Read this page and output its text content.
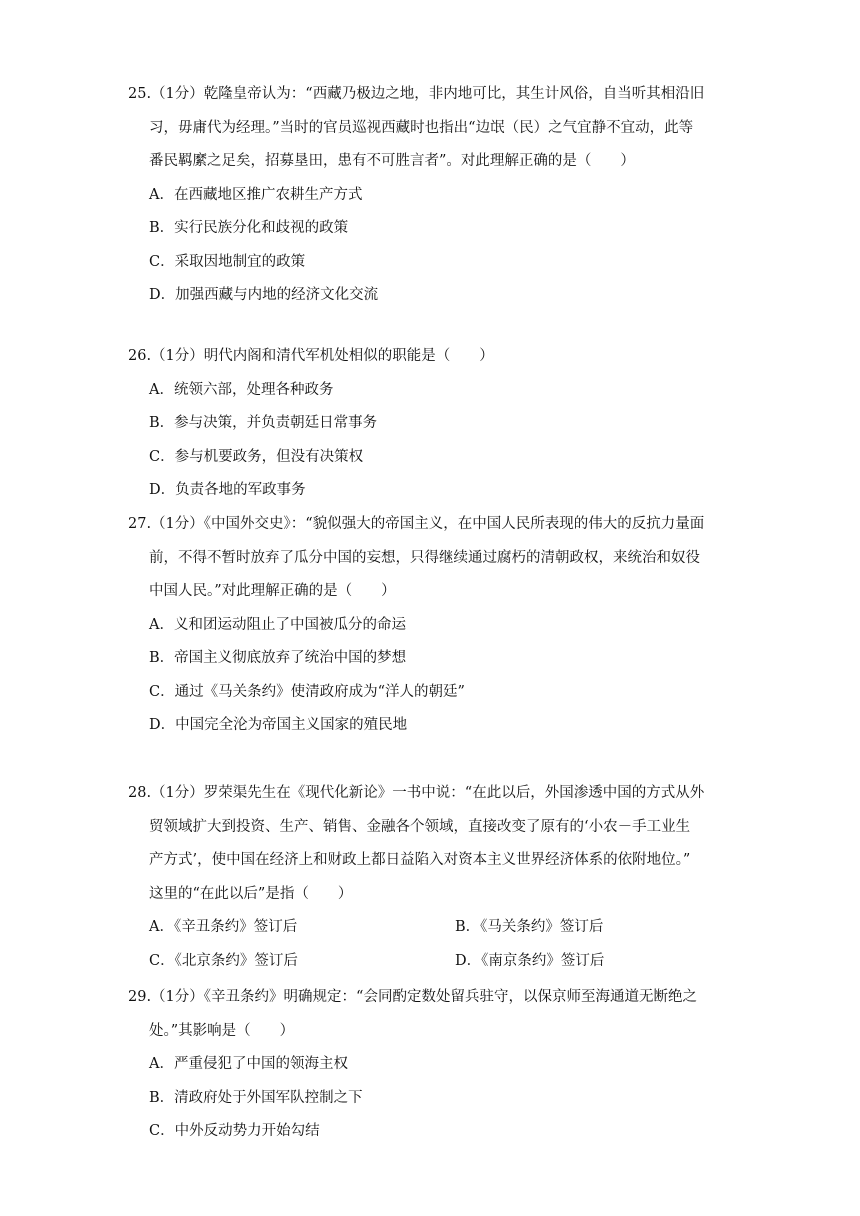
25.（1分）乾隆皇帝认为：“西藏乃极边之地，非内地可比，其生计风俗，自当听其相沿旧
习，毋庸代为经理。”当时的官员巡视西藏时也指出“边氓（民）之气宜静不宜动，此等
番民羁縻之足矣，招募垦田，患有不可胜言者”。对此理解正确的是（　　）
A．在西藏地区推广农耕生产方式
B．实行民族分化和歧视的政策
C．采取因地制宜的政策
D．加强西藏与内地的经济文化交流
26.（1分）明代内阁和清代军机处相似的职能是（　　）
A．统领六部，处理各种政务
B．参与决策，并负责朝廷日常事务
C．参与机要政务，但没有决策权
D．负责各地的军政事务
27.（1分）《中国外交史》：“貌似强大的帝国主义，在中国人民所表现的伟大的反抗力量面
前，不得不暂时放弃了瓜分中国的妄想，只得继续通过腐朽的清朝政权，来统治和奴役
中国人民。”对此理解正确的是（　　）
A．义和团运动阻止了中国被瓜分的命运
B．帝国主义彻底放弃了统治中国的梦想
C．通过《马关条约》使清政府成为“洋人的朝廷”
D．中国完全沦为帝国主义国家的殖民地
28.（1分）罗荣渠先生在《现代化新论》一书中说：“在此以后，外国渗透中国的方式从外
贸领域扩大到投资、生产、销售、金融各个领域，直接改变了原有的‘小农－手工业生
产方式’，使中国在经济上和财政上都日益陷入对资本主义世界经济体系的依附地位。”
这里的“在此以后”是指（　　）
A．《辛丑条约》签订后	B．《马关条约》签订后
C．《北京条约》签订后	D．《南京条约》签订后
29.（1分）《辛丑条约》明确规定：“会同酌定数处留兵驻守，以保京师至海通道无断绝之
处。”其影响是（　　）
A．严重侵犯了中国的领海主权
B．清政府处于外国军队控制之下
C．中外反动势力开始勾结
